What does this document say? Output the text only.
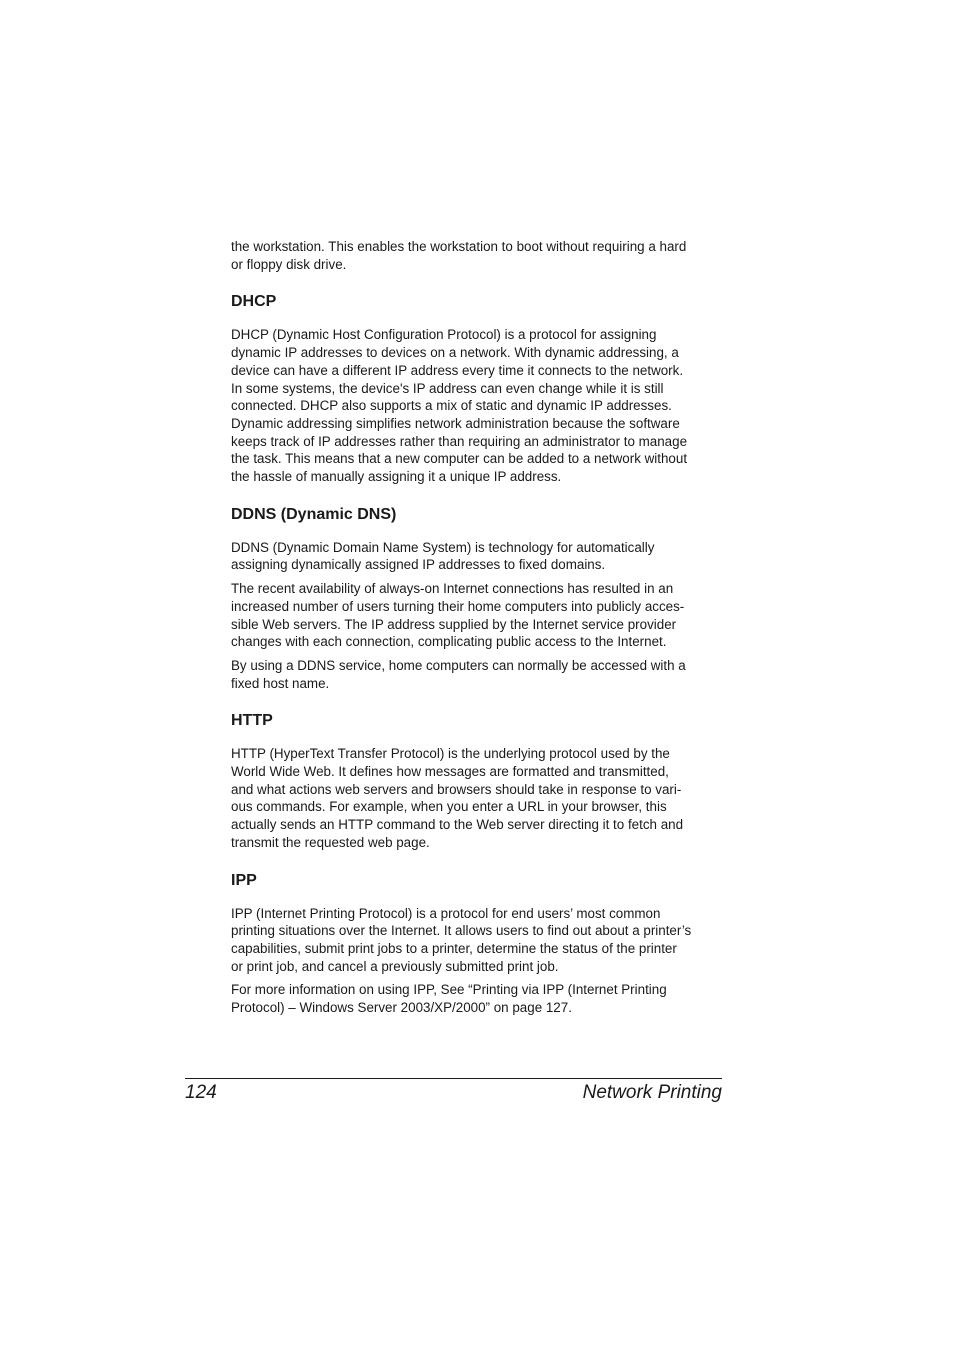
the workstation. This enables the workstation to boot without requiring a hard
or floppy disk drive.

DHCP

DHCP (Dynamic Host Configuration Protocol) is a protocol for assigning
dynamic IP addresses to devices on a network. With dynamic addressing, a
device can have a different IP address every time it connects to the network.
In some systems, the device's IP address can even change while it is still
connected. DHCP also supports a mix of static and dynamic IP addresses.
Dynamic addressing simplifies network administration because the software
keeps track of IP addresses rather than requiring an administrator to manage
the task. This means that a new computer can be added to a network without
the hassle of manually assigning it a unique IP address.

DDNS (Dynamic DNS)

DDNS (Dynamic Domain Name System) is technology for automatically
assigning dynamically assigned IP addresses to fixed domains.

The recent availability of always-on Internet connections has resulted in an
increased number of users turning their home computers into publicly acces-
sible Web servers. The IP address supplied by the Internet service provider
changes with each connection, complicating public access to the Internet.

By using a DDNS service, home computers can normally be accessed with a
fixed host name.

HTTP

HTTP (HyperText Transfer Protocol) is the underlying protocol used by the
World Wide Web. It defines how messages are formatted and transmitted,
and what actions web servers and browsers should take in response to vari-
ous commands. For example, when you enter a URL in your browser, this
actually sends an HTTP command to the Web server directing it to fetch and
transmit the requested web page.

IPP

IPP (Internet Printing Protocol) is a protocol for end users’ most common
printing situations over the Internet. It allows users to find out about a printer’s
capabilities, submit print jobs to a printer, determine the status of the printer
or print job, and cancel a previously submitted print job.

For more information on using IPP, See “Printing via IPP (Internet Printing
Protocol) – Windows Server 2003/XP/2000” on page 127.

124	Network Printing
